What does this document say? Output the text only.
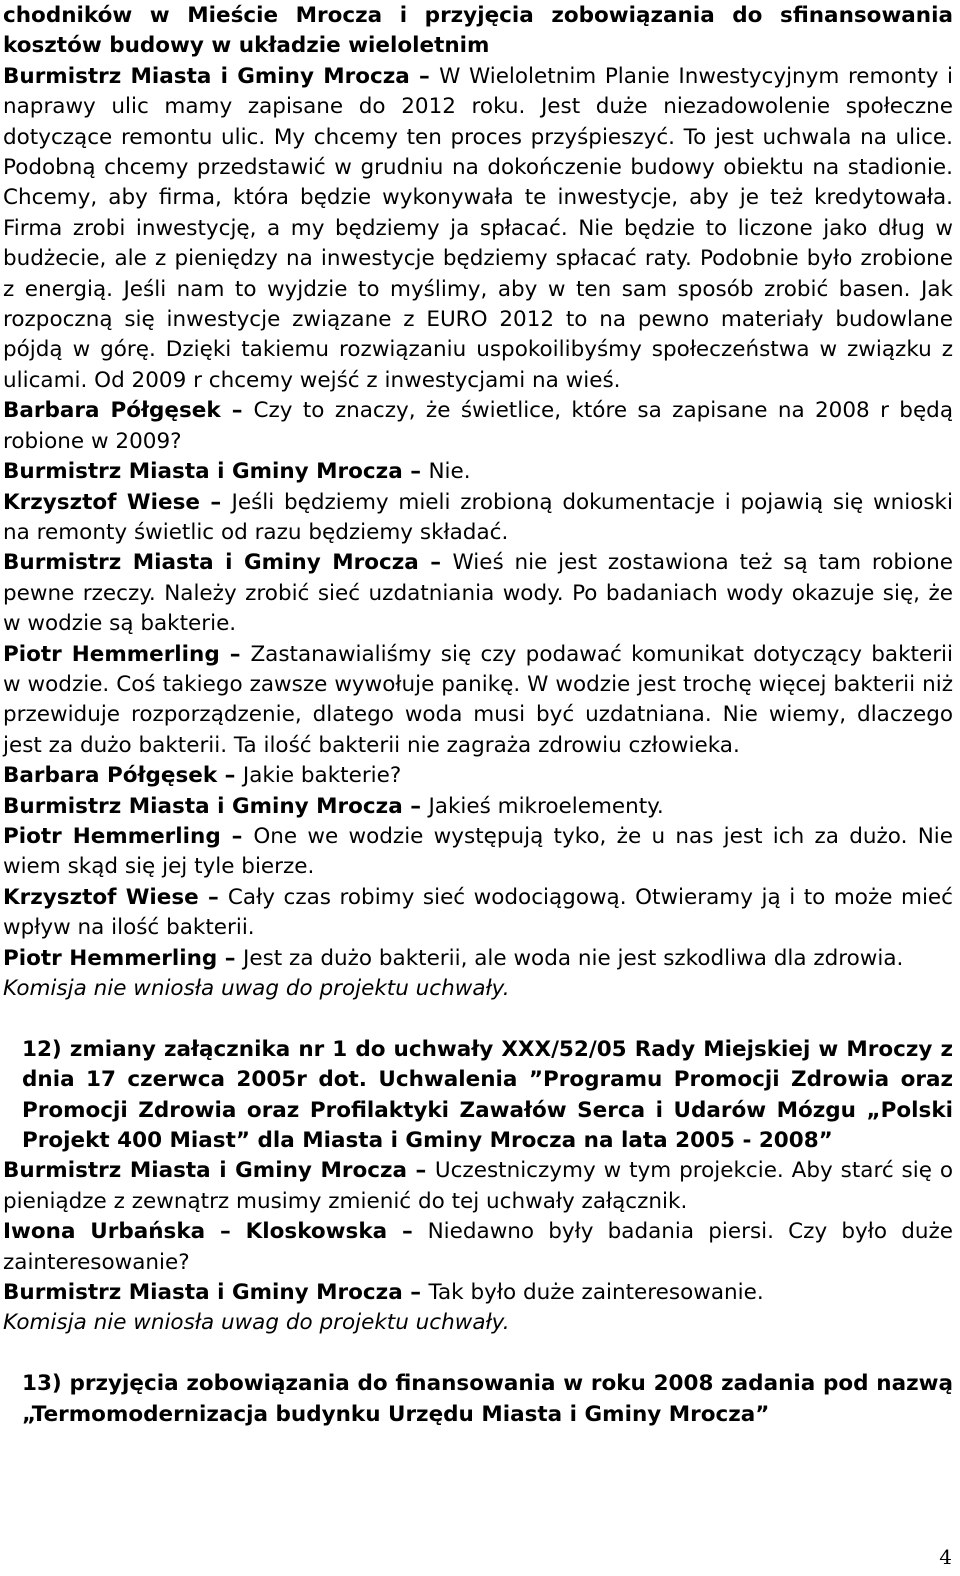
chodników w Mieście Mrocza i przyjęcia zobowiązania do sfinansowania kosztów budowy w układzie wieloletnim

Burmistrz Miasta i Gminy Mrocza – W Wieloletnim Planie Inwestycyjnym remonty i naprawy ulic mamy zapisane do 2012 roku. Jest duże niezadowolenie społeczne dotyczące remontu ulic. My chcemy ten proces przyśpieszyć. To jest uchwala na ulice. Podobną chcemy przedstawić w grudniu na dokończenie budowy obiektu na stadionie. Chcemy, aby firma, która będzie wykonywała te inwestycje, aby je też kredytowała. Firma zrobi inwestycję, a my będziemy ja spłacać. Nie będzie to liczone jako dług w budżecie, ale z pieniędzy na inwestycje będziemy spłacać raty. Podobnie było zrobione z energią. Jeśli nam to wyjdzie to myślimy, aby w ten sam sposób zrobić basen. Jak rozpoczną się inwestycje związane z EURO 2012 to na pewno materiały budowlane pójdą w górę. Dzięki takiemu rozwiązaniu uspokoilibyśmy społeczeństwa w związku z ulicami. Od 2009 r chcemy wejść z inwestycjami na wieś.

Barbara Półgęsek – Czy to znaczy, że świetlice, które sa zapisane na 2008 r będą robione w 2009?

Burmistrz Miasta i Gminy Mrocza – Nie.

Krzysztof Wiese – Jeśli będziemy mieli zrobioną dokumentacje i pojawią się wnioski na remonty świetlic od razu będziemy składać.

Burmistrz Miasta i Gminy Mrocza – Wieś nie jest zostawiona też są tam robione pewne rzeczy. Należy zrobić sieć uzdatniania wody. Po badaniach wody okazuje się, że w wodzie są bakterie.

Piotr Hemmerling – Zastanawialiśmy się czy podawać komunikat dotyczący bakterii w wodzie. Coś takiego zawsze wywołuje panikę. W wodzie jest trochę więcej bakterii niż przewiduje rozporządzenie, dlatego woda musi być uzdatniana. Nie wiemy, dlaczego jest za dużo bakterii. Ta ilość bakterii nie zagraża zdrowiu człowieka.

Barbara Półgęsek – Jakie bakterie?

Burmistrz Miasta i Gminy Mrocza – Jakieś mikroelementy.

Piotr Hemmerling – One we wodzie występują tyko, że u nas jest ich za dużo. Nie wiem skąd się jej tyle bierze.

Krzysztof Wiese – Cały czas robimy sieć wodociągową. Otwieramy ją i to może mieć wpływ na ilość bakterii.

Piotr Hemmerling – Jest za dużo bakterii, ale woda nie jest szkodliwa dla zdrowia.

Komisja nie wniosła uwag do projektu uchwały.

12) zmiany załącznika nr 1 do uchwały XXX/52/05 Rady Miejskiej w Mroczy z dnia 17 czerwca 2005r dot. Uchwalenia ”Programu Promocji Zdrowia oraz Promocji Zdrowia oraz Profilaktyki Zawałów Serca i Udarów Mózgu „Polski Projekt 400 Miast” dla Miasta i Gminy Mrocza na lata 2005 - 2008”

Burmistrz Miasta i Gminy Mrocza – Uczestniczymy w tym projekcie. Aby starć się o pieniądze z zewnątrz musimy zmienić do tej uchwały załącznik.

Iwona Urbańska – Kloskowska – Niedawno były badania piersi. Czy było duże zainteresowanie?

Burmistrz Miasta i Gminy Mrocza – Tak było duże zainteresowanie.

Komisja nie wniosła uwag do projektu uchwały.

13) przyjęcia zobowiązania do finansowania w roku 2008 zadania pod nazwą „Termomodernizacja budynku Urzędu Miasta i Gminy Mrocza”

4
